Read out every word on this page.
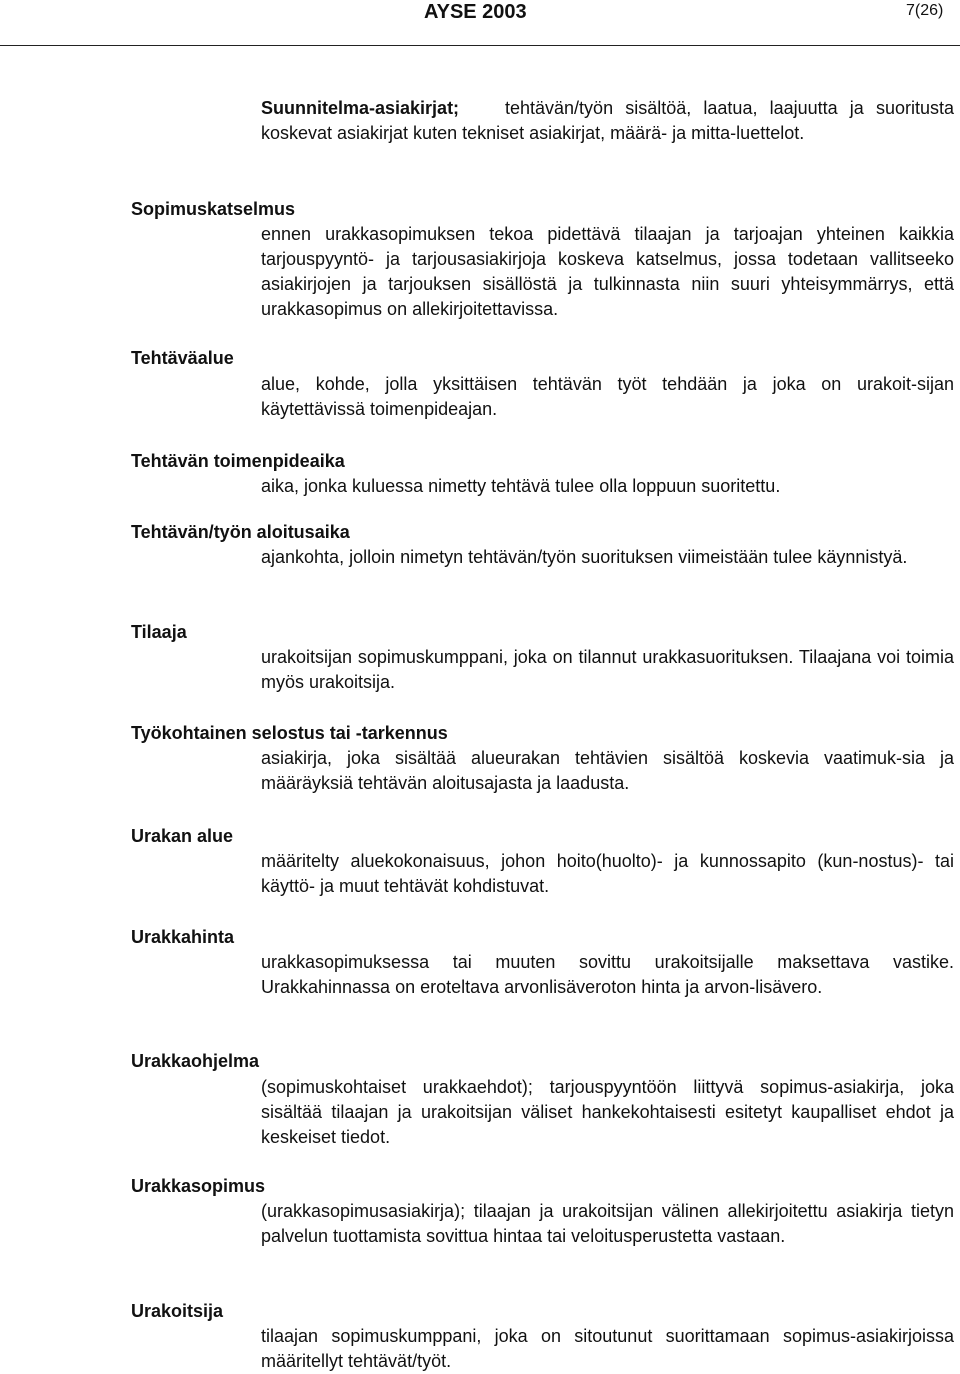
AYSE 2003	7(26)
Suunnitelma-asiakirjat;	tehtävän/työn sisältöä, laatua, laajuutta ja suoritusta koskevat asiakirjat kuten tekniset asiakirjat, määrä- ja mitta-luettelot.
Sopimuskatselmus
ennen urakkasopimuksen tekoa pidettävä tilaajan ja tarjoajan yhteinen kaikkia tarjouspyyntö- ja tarjousasiakirjoja koskeva katselmus, jossa todetaan vallitseeko asiakirjojen ja tarjouksen sisällöstä ja tulkinnasta niin suuri yhteisymmärrys, että urakkasopimus on allekirjoitettavissa.
Tehtäväalue
alue, kohde, jolla yksittäisen tehtävän työt tehdään ja joka on urakoit-sijan käytettävissä toimenpideajan.
Tehtävän toimenpideaika
aika, jonka kuluessa nimetty tehtävä tulee olla loppuun suoritettu.
Tehtävän/työn aloitusaika
ajankohta, jolloin nimetyn tehtävän/työn suorituksen viimeistään tulee käynnistyä.
Tilaaja
urakoitsijan sopimuskumppani, joka on tilannut urakkasuorituksen. Tilaajana voi toimia myös urakoitsija.
Työkohtainen selostus tai -tarkennus
asiakirja, joka sisältää alueurakan tehtävien sisältöä koskevia vaatimuk-sia ja määräyksiä tehtävän aloitusajasta ja laadusta.
Urakan alue
määritelty aluekokonaisuus, johon hoito(huolto)- ja kunnossapito (kun-nostus)- tai käyttö- ja muut tehtävät kohdistuvat.
Urakkahinta
urakkasopimuksessa tai muuten sovittu urakoitsijalle maksettava vastike. Urakkahinnassa on eroteltava arvonlisäveroton hinta ja arvon-lisävero.
Urakkaohjelma
(sopimuskohtaiset urakkaehdot); tarjouspyyntöön liittyvä sopimus-asiakirja, joka sisältää tilaajan ja urakoitsijan väliset hankekohtaisesti esitetyt kaupalliset ehdot ja keskeiset tiedot.
Urakkasopimus
(urakkasopimusasiakirja); tilaajan ja urakoitsijan välinen allekirjoitettu asiakirja tietyn palvelun tuottamista sovittua hintaa tai veloitusperustetta vastaan.
Urakoitsija
tilaajan sopimuskumppani, joka on sitoutunut suorittamaan sopimus-asiakirjoissa määritellyt tehtävät/työt.
